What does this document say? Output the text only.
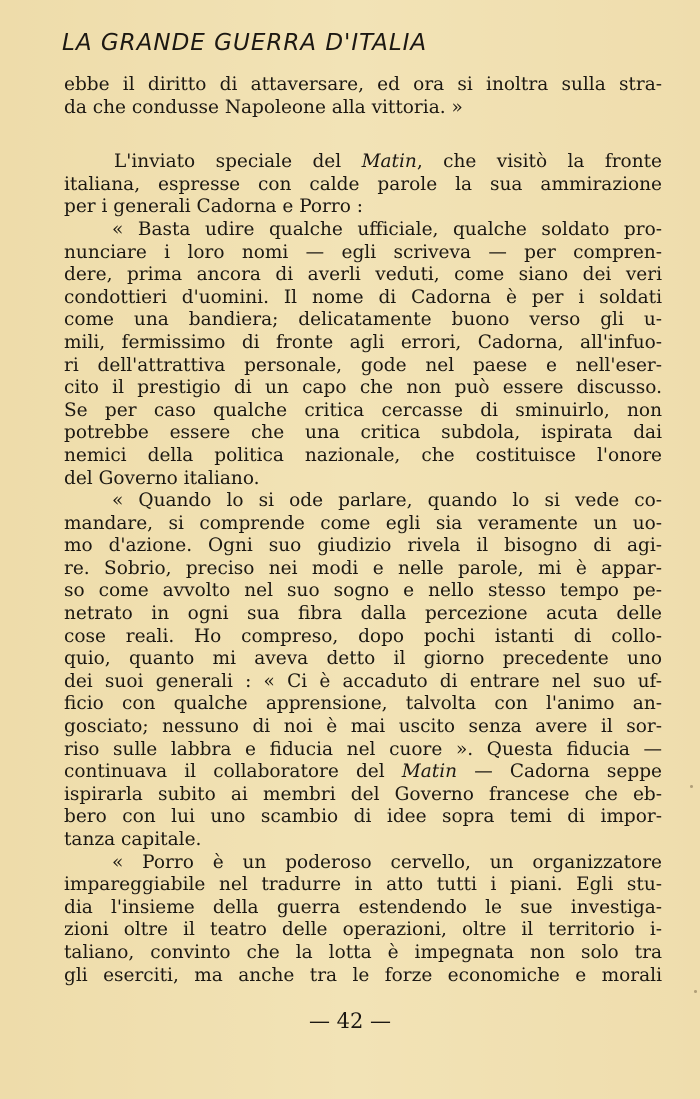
LA GRANDE GUERRA D'ITALIA
ebbe il diritto di attaversare, ed ora si inoltra sulla stra-
da che condusse Napoleone alla vittoria. »
L'inviato speciale del Matin, che visitò la fronte
italiana, espresse con calde parole la sua ammirazione
per i generali Cadorna e Porro :
« Basta udire qualche ufficiale, qualche soldato pro-
nunciare i loro nomi — egli scriveva — per compren-
dere, prima ancora di averli veduti, come siano dei veri
condottieri d'uomini. Il nome di Cadorna è per i soldati
come una bandiera; delicatamente buono verso gli u-
mili, fermissimo di fronte agli errori, Cadorna, all'infuo-
ri dell'attrattiva personale, gode nel paese e nell'eser-
cito il prestigio di un capo che non può essere discusso.
Se per caso qualche critica cercasse di sminuirlo, non
potrebbe essere che una critica subdola, ispirata dai
nemici della politica nazionale, che costituisce l'onore
del Governo italiano.
« Quando lo si ode parlare, quando lo si vede co-
mandare, si comprende come egli sia veramente un uo-
mo d'azione. Ogni suo giudizio rivela il bisogno di agi-
re. Sobrio, preciso nei modi e nelle parole, mi è appar-
so come avvolto nel suo sogno e nello stesso tempo pe-
netrato in ogni sua fibra dalla percezione acuta delle
cose reali. Ho compreso, dopo pochi istanti di collo-
quio, quanto mi aveva detto il giorno precedente uno
dei suoi generali : « Ci è accaduto di entrare nel suo uf-
ficio con qualche apprensione, talvolta con l'animo an-
gosciato; nessuno di noi è mai uscito senza avere il sor-
riso sulle labbra e fiducia nel cuore ». Questa fiducia —
continuava il collaboratore del Matin — Cadorna seppe
ispirarla subito ai membri del Governo francese che eb-
bero con lui uno scambio di idee sopra temi di impor-
tanza capitale.
« Porro è un poderoso cervello, un organizzatore
impareggiabile nel tradurre in atto tutti i piani. Egli stu-
dia l'insieme della guerra estendendo le sue investiga-
zioni oltre il teatro delle operazioni, oltre il territorio i-
taliano, convinto che la lotta è impegnata non solo tra
gli eserciti, ma anche tra le forze economiche e morali
— 42 —
